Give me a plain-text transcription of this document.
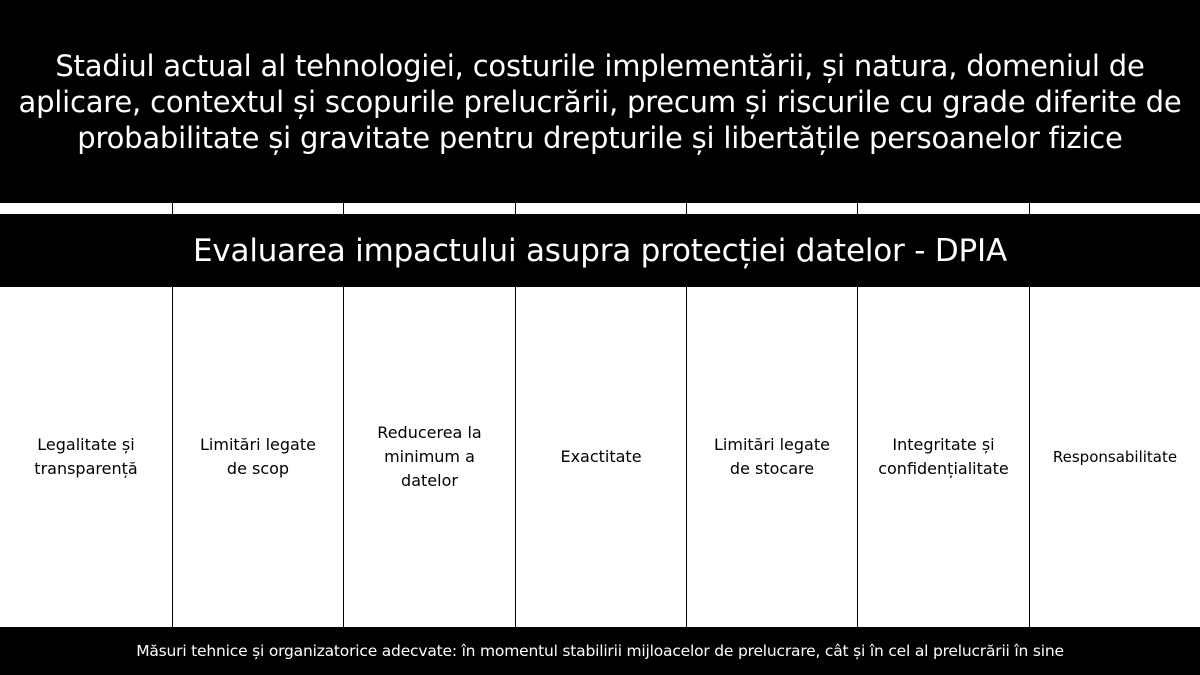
Stadiul actual al tehnologiei, costurile implementării, și natura, domeniul de aplicare, contextul și scopurile prelucrării, precum și riscurile cu grade diferite de probabilitate și gravitate pentru drepturile și libertățile persoanelor fizice
Evaluarea impactului asupra protecției datelor - DPIA
Legalitate și transparență
Limitări legate de scop
Reducerea la minimum a datelor
Exactitate
Limitări legate de stocare
Integritate și confidențialitate
Responsabilitate
Măsuri tehnice și organizatorice adecvate: în momentul stabilirii mijloacelor de prelucrare, cât și în cel al prelucrării în sine
